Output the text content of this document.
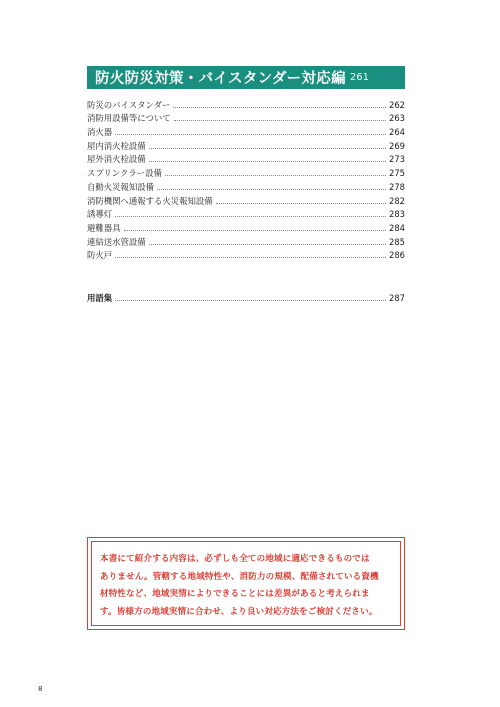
防火防災対策・バイスタンダー対応編 261
防災のバイスタンダー	262
消防用設備等について	263
消火器	264
屋内消火栓設備	269
屋外消火栓設備	273
スプリンクラー設備	275
自動火災報知設備	278
消防機関へ通報する火災報知設備	282
誘導灯	283
避難器具	284
連結送水管設備	285
防火戸	286
用語集	287
本書にて紹介する内容は、必ずしも全ての地域に適応できるものでは
ありません。管轄する地域特性や、消防力の規模、配備されている資機
材特性など、地域実情によりできることには差異があると考えられま
す。皆様方の地域実情に合わせ、より良い対応方法をご検討ください。
8
